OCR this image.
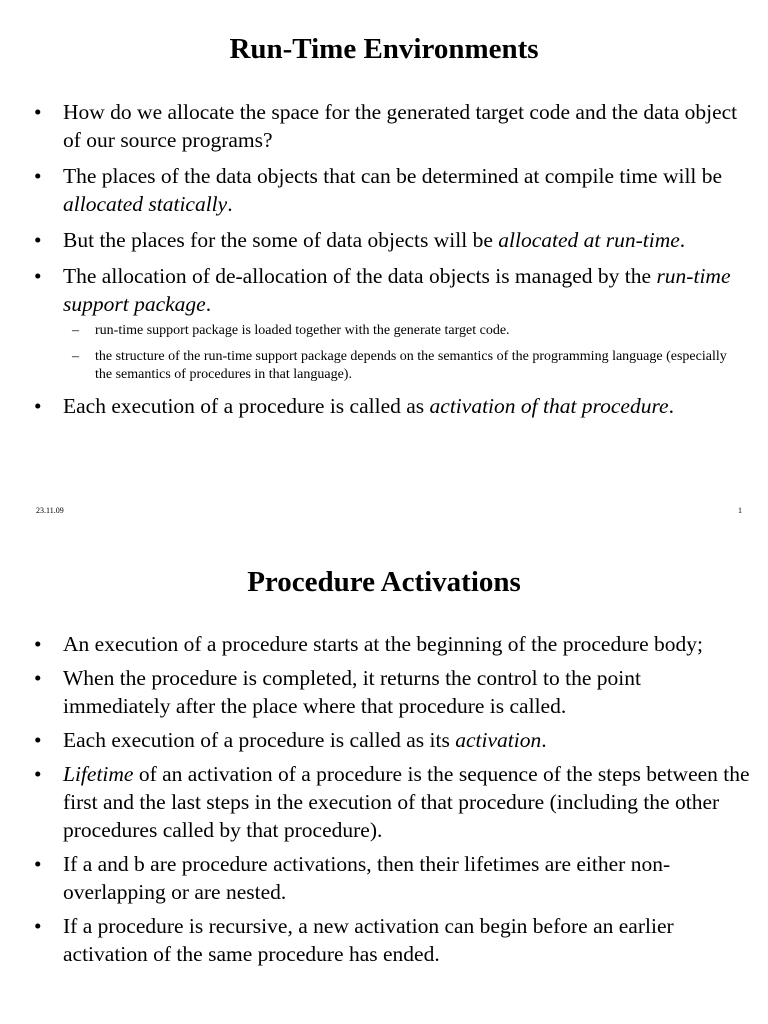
Run-Time Environments
• How do we allocate the space for the generated target code and the data object of our source programs?
• The places of the data objects that can be determined at compile time will be allocated statically.
• But the places for the some of data objects will be allocated at run-time.
• The allocation of de-allocation of the data objects is managed by the run-time support package.
– run-time support package is loaded together with the generate target code.
– the structure of the run-time support package depends on the semantics of the programming language (especially the semantics of procedures in that language).
• Each execution of a procedure is called as activation of that procedure.
23.11.09	1
Procedure Activations
• An execution of a procedure starts at the beginning of the procedure body;
• When the procedure is completed, it returns the control to the point immediately after the place where that procedure is called.
• Each execution of a procedure is called as its activation.
• Lifetime of an activation of a procedure is the sequence of the steps between the first and the last steps in the execution of that procedure (including the other procedures called by that procedure).
• If a and b are procedure activations, then their lifetimes are either non-overlapping or are nested.
• If a procedure is recursive, a new activation can begin before an earlier activation of the same procedure has ended.
